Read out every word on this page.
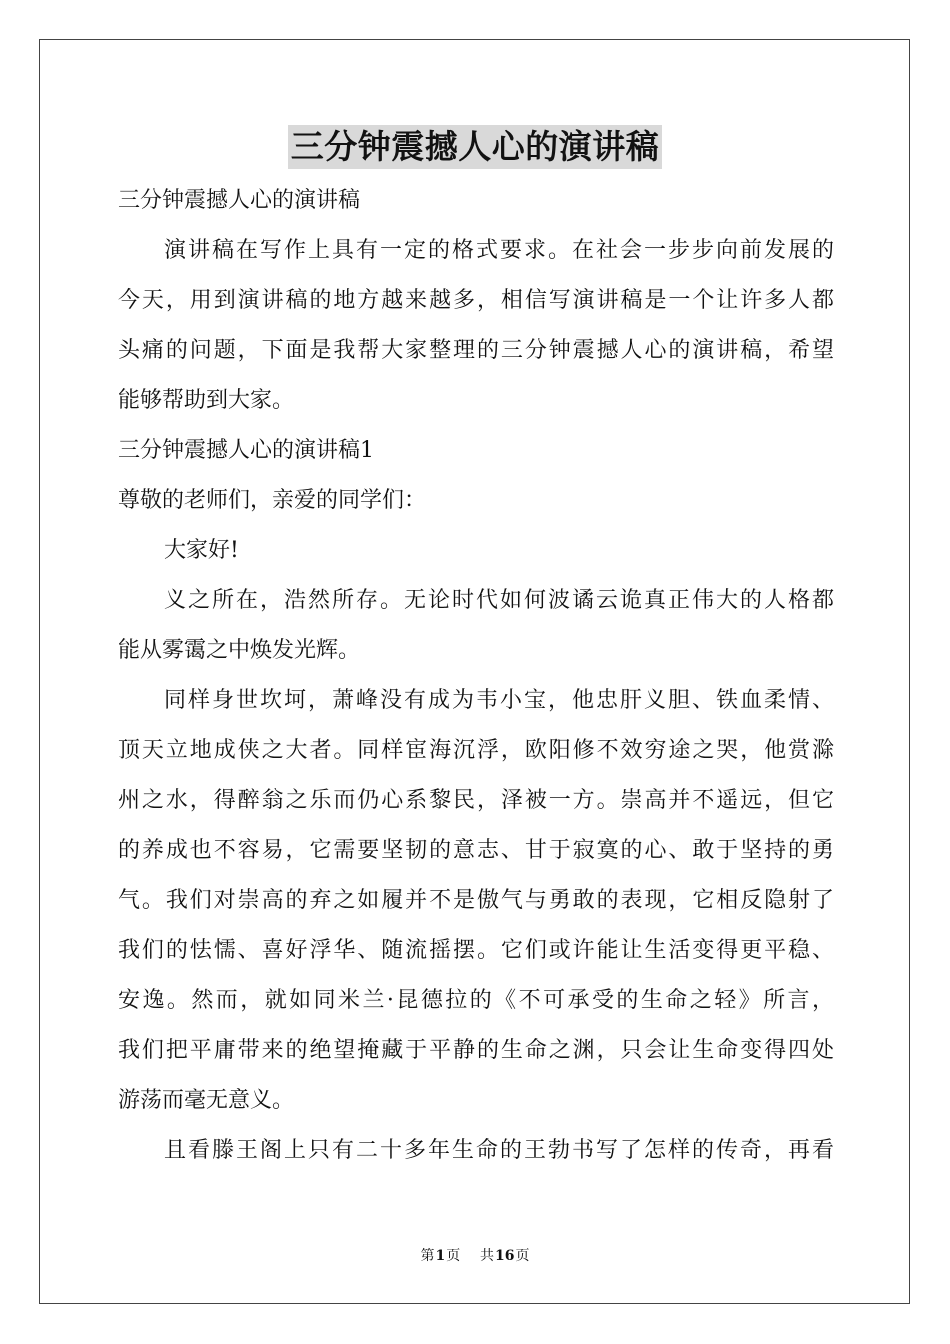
三分钟震撼人心的演讲稿
三分钟震撼人心的演讲稿
演讲稿在写作上具有一定的格式要求。在社会一步步向前发展的
今天，用到演讲稿的地方越来越多，相信写演讲稿是一个让许多人都
头痛的问题，下面是我帮大家整理的三分钟震撼人心的演讲稿，希望
能够帮助到大家。
三分钟震撼人心的演讲稿1
尊敬的老师们，亲爱的同学们：
大家好!
义之所在，浩然所存。无论时代如何波谲云诡真正伟大的人格都
能从雾霭之中焕发光辉。
同样身世坎坷，萧峰没有成为韦小宝，他忠肝义胆、铁血柔情、
顶天立地成侠之大者。同样宦海沉浮，欧阳修不效穷途之哭，他赏滁
州之水，得醉翁之乐而仍心系黎民，泽被一方。崇高并不遥远，但它
的养成也不容易，它需要坚韧的意志、甘于寂寞的心、敢于坚持的勇
气。我们对崇高的弃之如履并不是傲气与勇敢的表现，它相反隐射了
我们的怯懦、喜好浮华、随流摇摆。它们或许能让生活变得更平稳、
安逸。然而，就如同米兰·昆德拉的《不可承受的生命之轻》所言，
我们把平庸带来的绝望掩藏于平静的生命之渊，只会让生命变得四处
游荡而毫无意义。
且看滕王阁上只有二十多年生命的王勃书写了怎样的传奇，再看
第1页 共16页
